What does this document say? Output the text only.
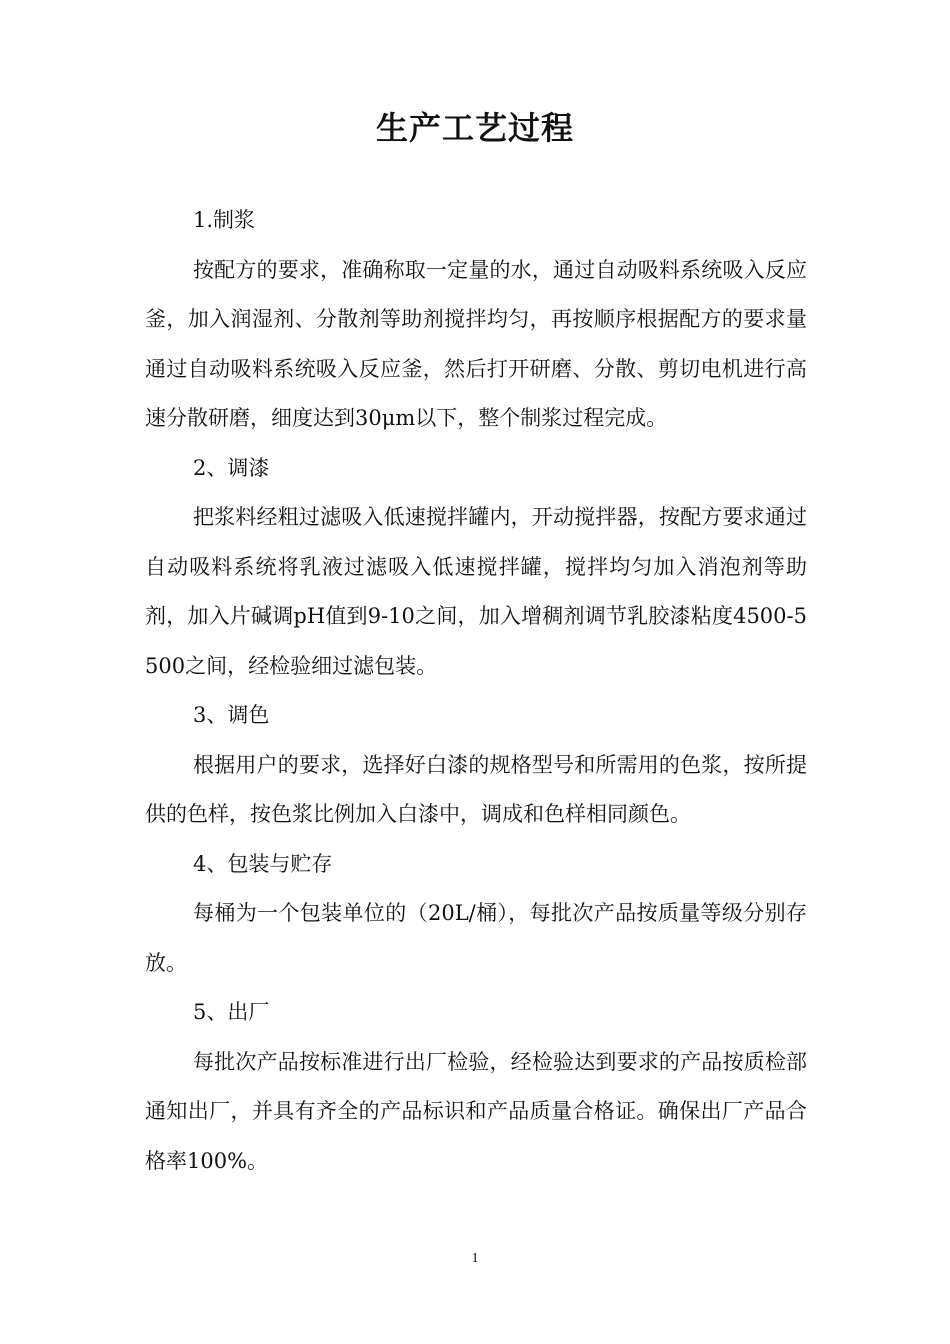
生产工艺过程
1.制浆

按配方的要求，准确称取一定量的水，通过自动吸料系统吸入反应釜，加入润湿剂、分散剂等助剂搅拌均匀，再按顺序根据配方的要求量通过自动吸料系统吸入反应釜，然后打开研磨、分散、剪切电机进行高速分散研磨，细度达到30μm以下，整个制浆过程完成。

2、调漆

把浆料经粗过滤吸入低速搅拌罐内，开动搅拌器，按配方要求通过自动吸料系统将乳液过滤吸入低速搅拌罐，搅拌均匀加入消泡剂等助剂，加入片碱调pH值到9-10之间，加入增稠剂调节乳胶漆粘度4500-5500之间，经检验细过滤包装。

3、调色

根据用户的要求，选择好白漆的规格型号和所需用的色浆，按所提供的色样，按色浆比例加入白漆中，调成和色样相同颜色。

4、包装与贮存

每桶为一个包装单位的（20L/桶），每批次产品按质量等级分别存放。

5、出厂

每批次产品按标准进行出厂检验，经检验达到要求的产品按质检部通知出厂，并具有齐全的产品标识和产品质量合格证。确保出厂产品合格率100%。

1
